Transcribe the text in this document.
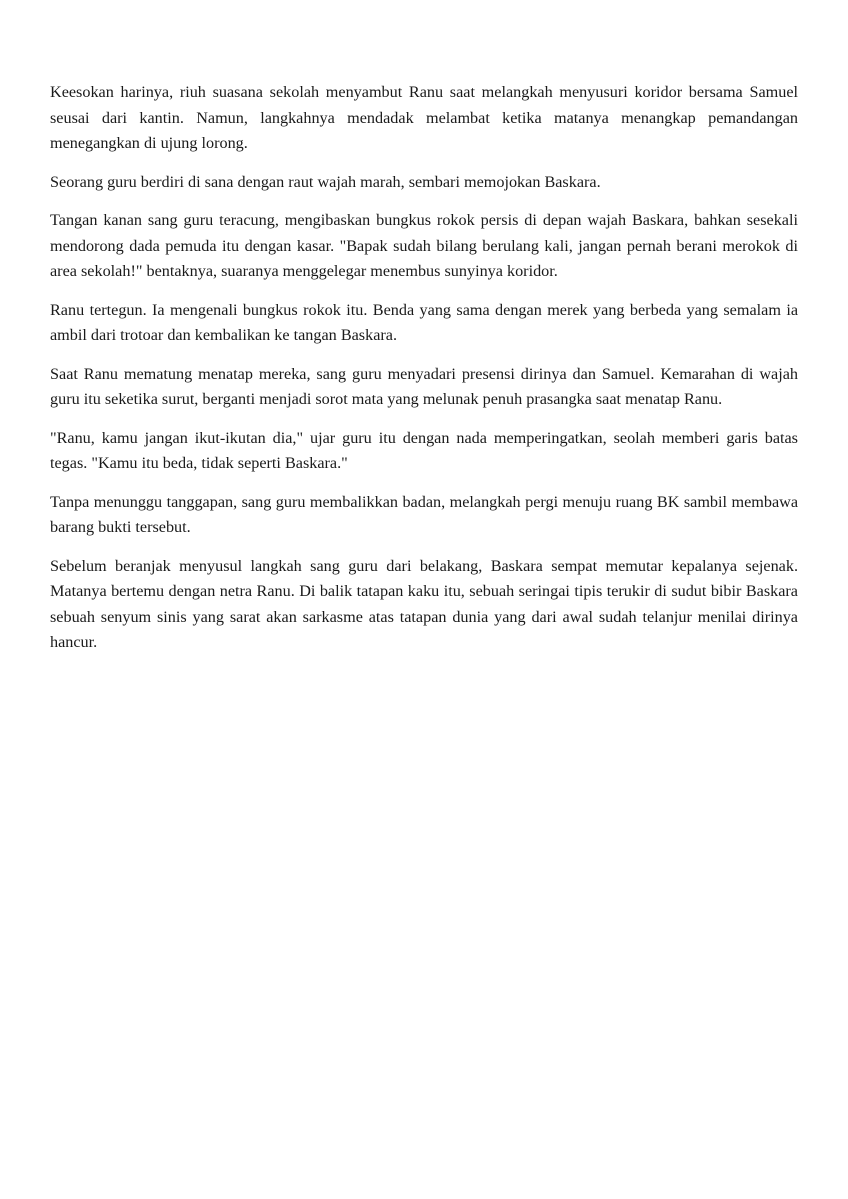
Keesokan harinya, riuh suasana sekolah menyambut Ranu saat melangkah menyusuri koridor bersama Samuel seusai dari kantin. Namun, langkahnya mendadak melambat ketika matanya menangkap pemandangan menegangkan di ujung lorong.

Seorang guru berdiri di sana dengan raut wajah marah, sembari memojokan Baskara.

Tangan kanan sang guru teracung, mengibaskan bungkus rokok persis di depan wajah Baskara, bahkan sesekali mendorong dada pemuda itu dengan kasar. "Bapak sudah bilang berulang kali, jangan pernah berani merokok di area sekolah!" bentaknya, suaranya menggelegar menembus sunyinya koridor.

Ranu tertegun. Ia mengenali bungkus rokok itu. Benda yang sama dengan merek yang berbeda yang semalam ia ambil dari trotoar dan kembalikan ke tangan Baskara.

Saat Ranu mematung menatap mereka, sang guru menyadari presensi dirinya dan Samuel. Kemarahan di wajah guru itu seketika surut, berganti menjadi sorot mata yang melunak penuh prasangka saat menatap Ranu.

"Ranu, kamu jangan ikut-ikutan dia," ujar guru itu dengan nada memperingatkan, seolah memberi garis batas tegas. "Kamu itu beda, tidak seperti Baskara."

Tanpa menunggu tanggapan, sang guru membalikkan badan, melangkah pergi menuju ruang BK sambil membawa barang bukti tersebut.

Sebelum beranjak menyusul langkah sang guru dari belakang, Baskara sempat memutar kepalanya sejenak. Matanya bertemu dengan netra Ranu. Di balik tatapan kaku itu, sebuah seringai tipis terukir di sudut bibir Baskara sebuah senyum sinis yang sarat akan sarkasme atas tatapan dunia yang dari awal sudah telanjur menilai dirinya hancur.
